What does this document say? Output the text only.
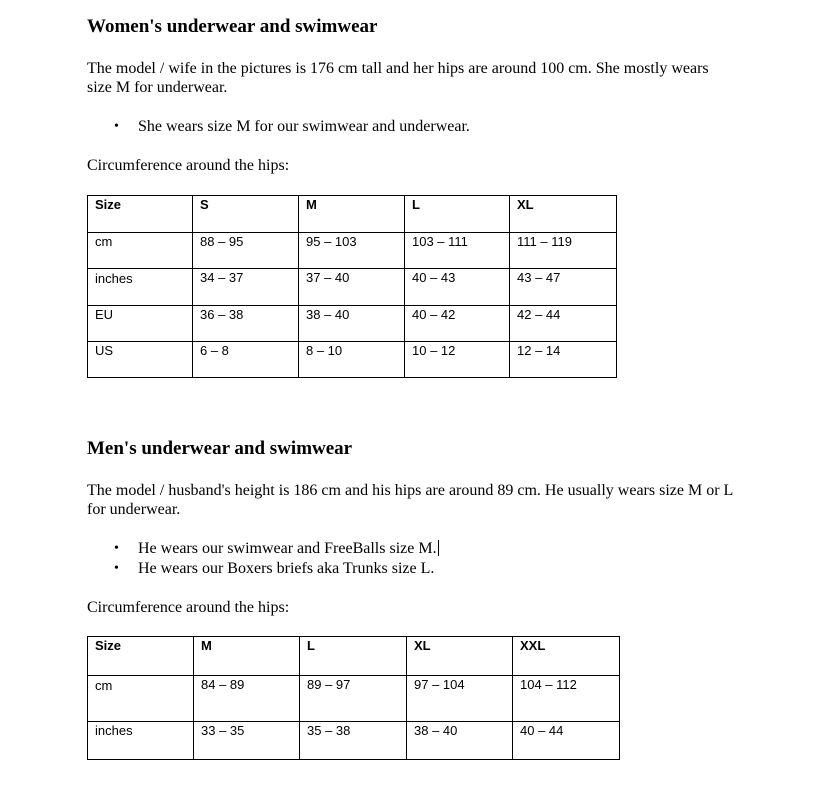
Women's underwear and swimwear
The model / wife in the pictures is 176 cm tall and her hips are around 100 cm. She mostly wears size M for underwear.
• She wears size M for our swimwear and underwear.
Circumference around the hips:
Size	S	M	L	XL

cm	88 – 95	95 – 103	103 – 111	111 – 119

inches	34 – 37	37 – 40	40 – 43	43 – 47

EU	36 – 38	38 – 40	40 – 42	42 – 44

US	6 – 8	8 – 10	10 – 12	12 – 14
Men's underwear and swimwear
The model / husband's height is 186 cm and his hips are around 89 cm. He usually wears size M or L for underwear.
• He wears our swimwear and FreeBalls size M.
• He wears our Boxers briefs aka Trunks size L.
Circumference around the hips:
Size	M	L	XL	XXL

cm	84 – 89	89 – 97	97 – 104	104 – 112

inches	33 – 35	35 – 38	38 – 40	40 – 44
